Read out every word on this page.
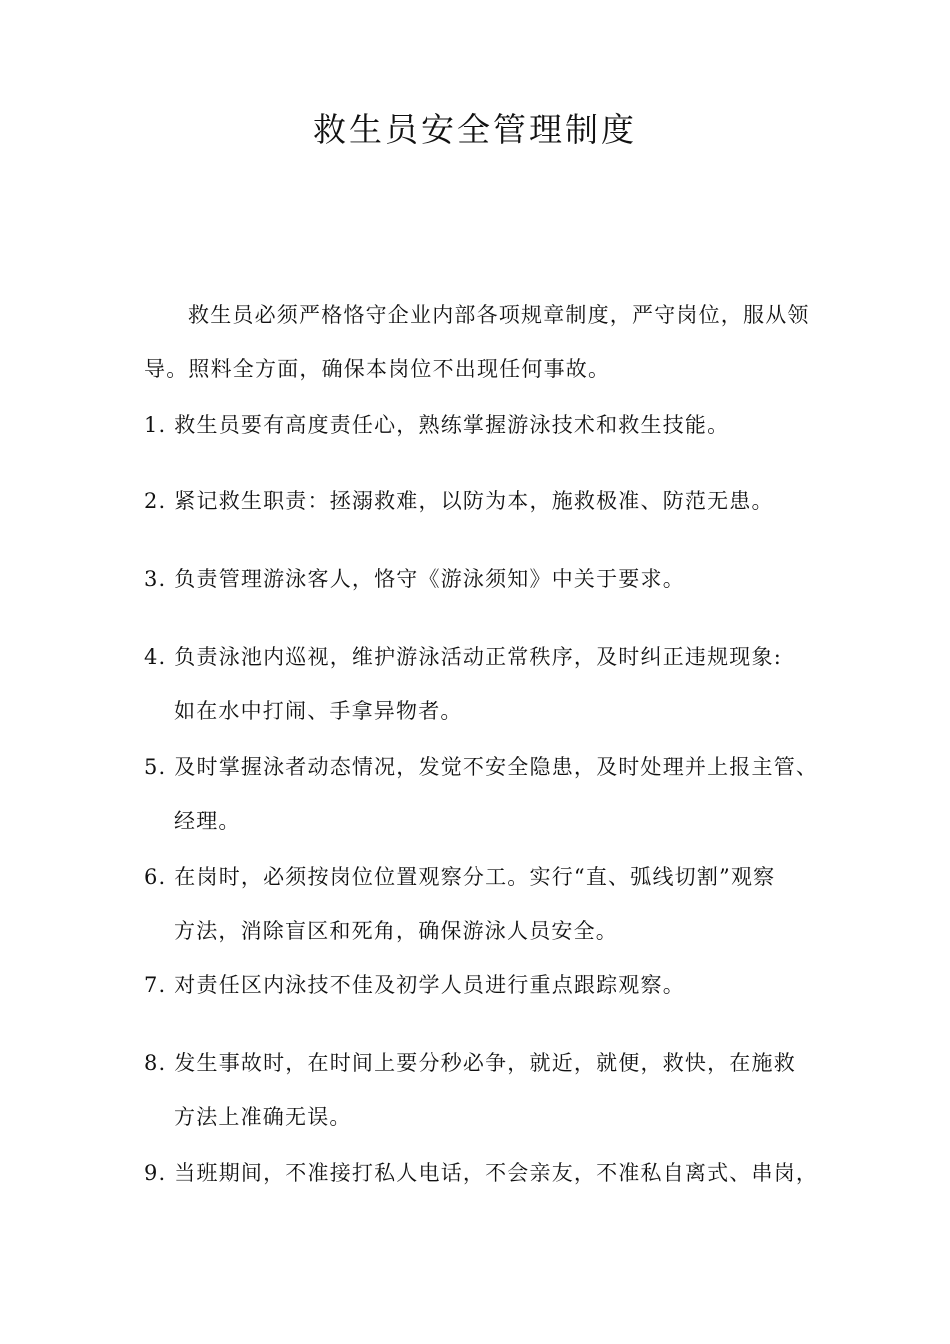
救生员安全管理制度
救生员必须严格恪守企业内部各项规章制度，严守岗位，服从领
导。照料全方面，确保本岗位不出现任何事故。
1. 救生员要有高度责任心，熟练掌握游泳技术和救生技能。
2. 紧记救生职责：拯溺救难，以防为本，施救极准、防范无患。
3. 负责管理游泳客人，恪守《游泳须知》中关于要求。
4. 负责泳池内巡视，维护游泳活动正常秩序，及时纠正违规现象:
如在水中打闹、手拿异物者。
5. 及时掌握泳者动态情况，发觉不安全隐患，及时处理并上报主管、
经理。
6. 在岗时，必须按岗位位置观察分工。实行“直、弧线切割”观察
方法，消除盲区和死角，确保游泳人员安全。
7. 对责任区内泳技不佳及初学人员进行重点跟踪观察。
8. 发生事故时，在时间上要分秒必争，就近，就便，救快，在施救
方法上准确无误。
9. 当班期间，不准接打私人电话，不会亲友，不准私自离式、串岗，
